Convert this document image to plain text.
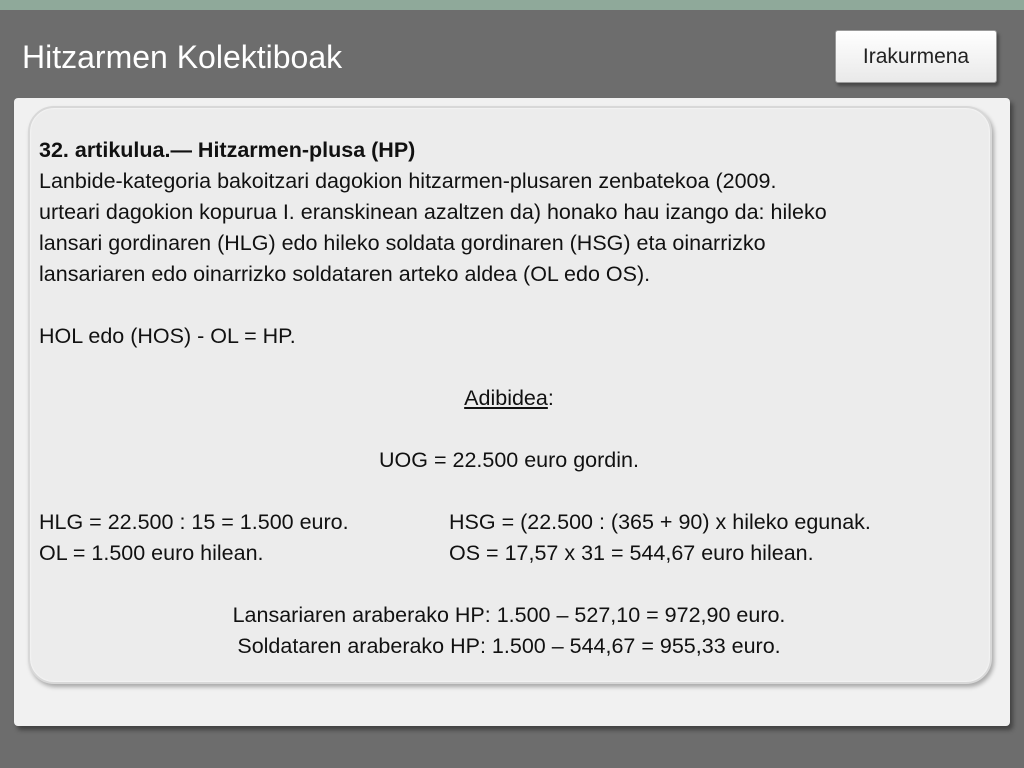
Hitzarmen Kolektiboak	Irakurmena
32. artikulua.— Hitzarmen-plusa (HP)
Lanbide-kategoria bakoitzari dagokion hitzarmen-plusaren zenbatekoa (2009.
urteari dagokion kopurua I. eranskinean azaltzen da) honako hau izango da: hileko
lansari gordinaren (HLG) edo hileko soldata gordinaren (HSG) eta oinarrizko
lansariaren edo oinarrizko soldataren arteko aldea (OL edo OS).
HOL edo (HOS) - OL = HP.
Adibidea:
UOG = 22.500 euro gordin.
HLG = 22.500 : 15 = 1.500 euro.	HSG = (22.500 : (365 + 90) x hileko egunak.
OL = 1.500 euro hilean.	OS = 17,57 x 31 = 544,67 euro hilean.
Lansariaren araberako HP: 1.500 – 527,10 = 972,90 euro.
Soldataren araberako HP: 1.500 – 544,67 = 955,33 euro.
